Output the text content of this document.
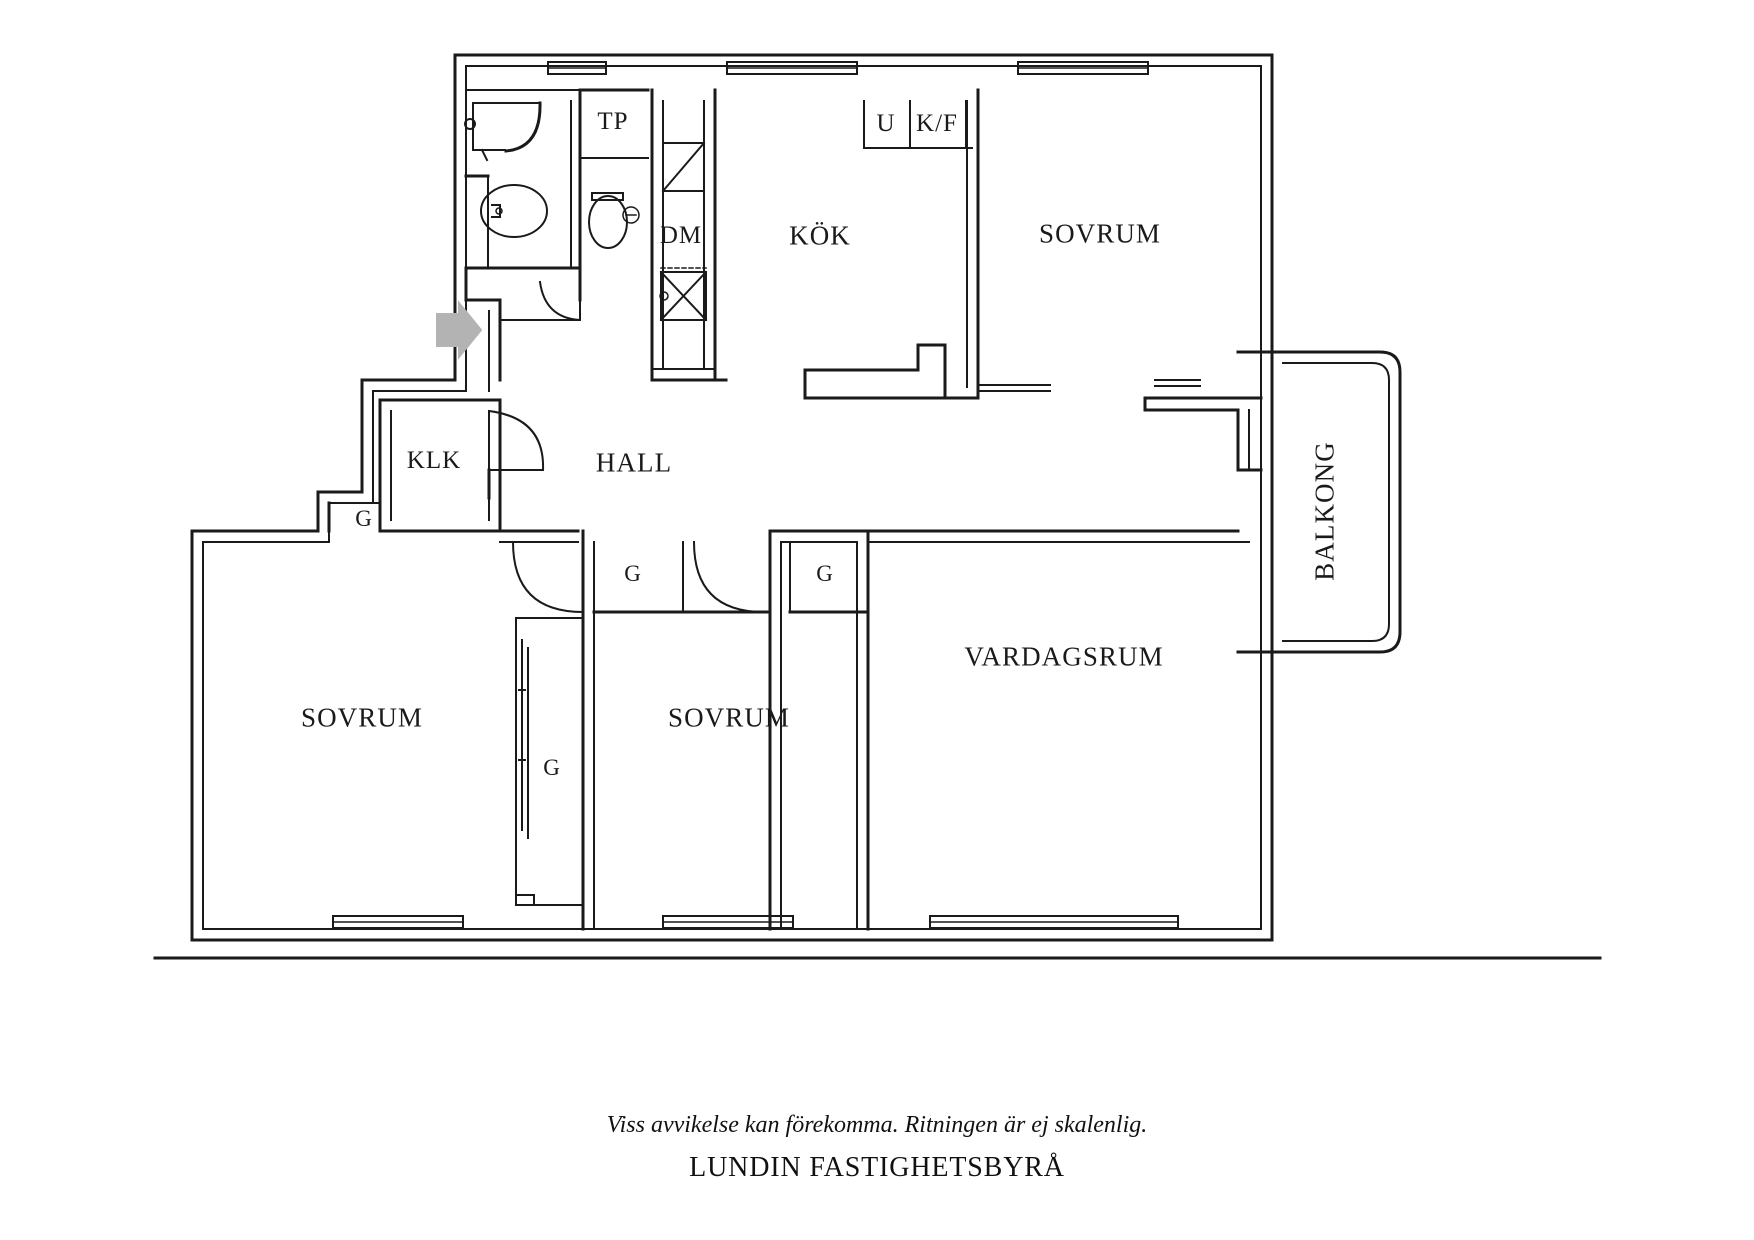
TP
DM	KÖK
U K/F
SOVRUM
KLK	HALL
G
G	G
G
SOVRUM	SOVRUM
VARDAGSRUM
BALKONG
Viss avvikelse kan förekomma. Ritningen är ej skalenlig.
LUNDIN FASTIGHETSBYRÅ
